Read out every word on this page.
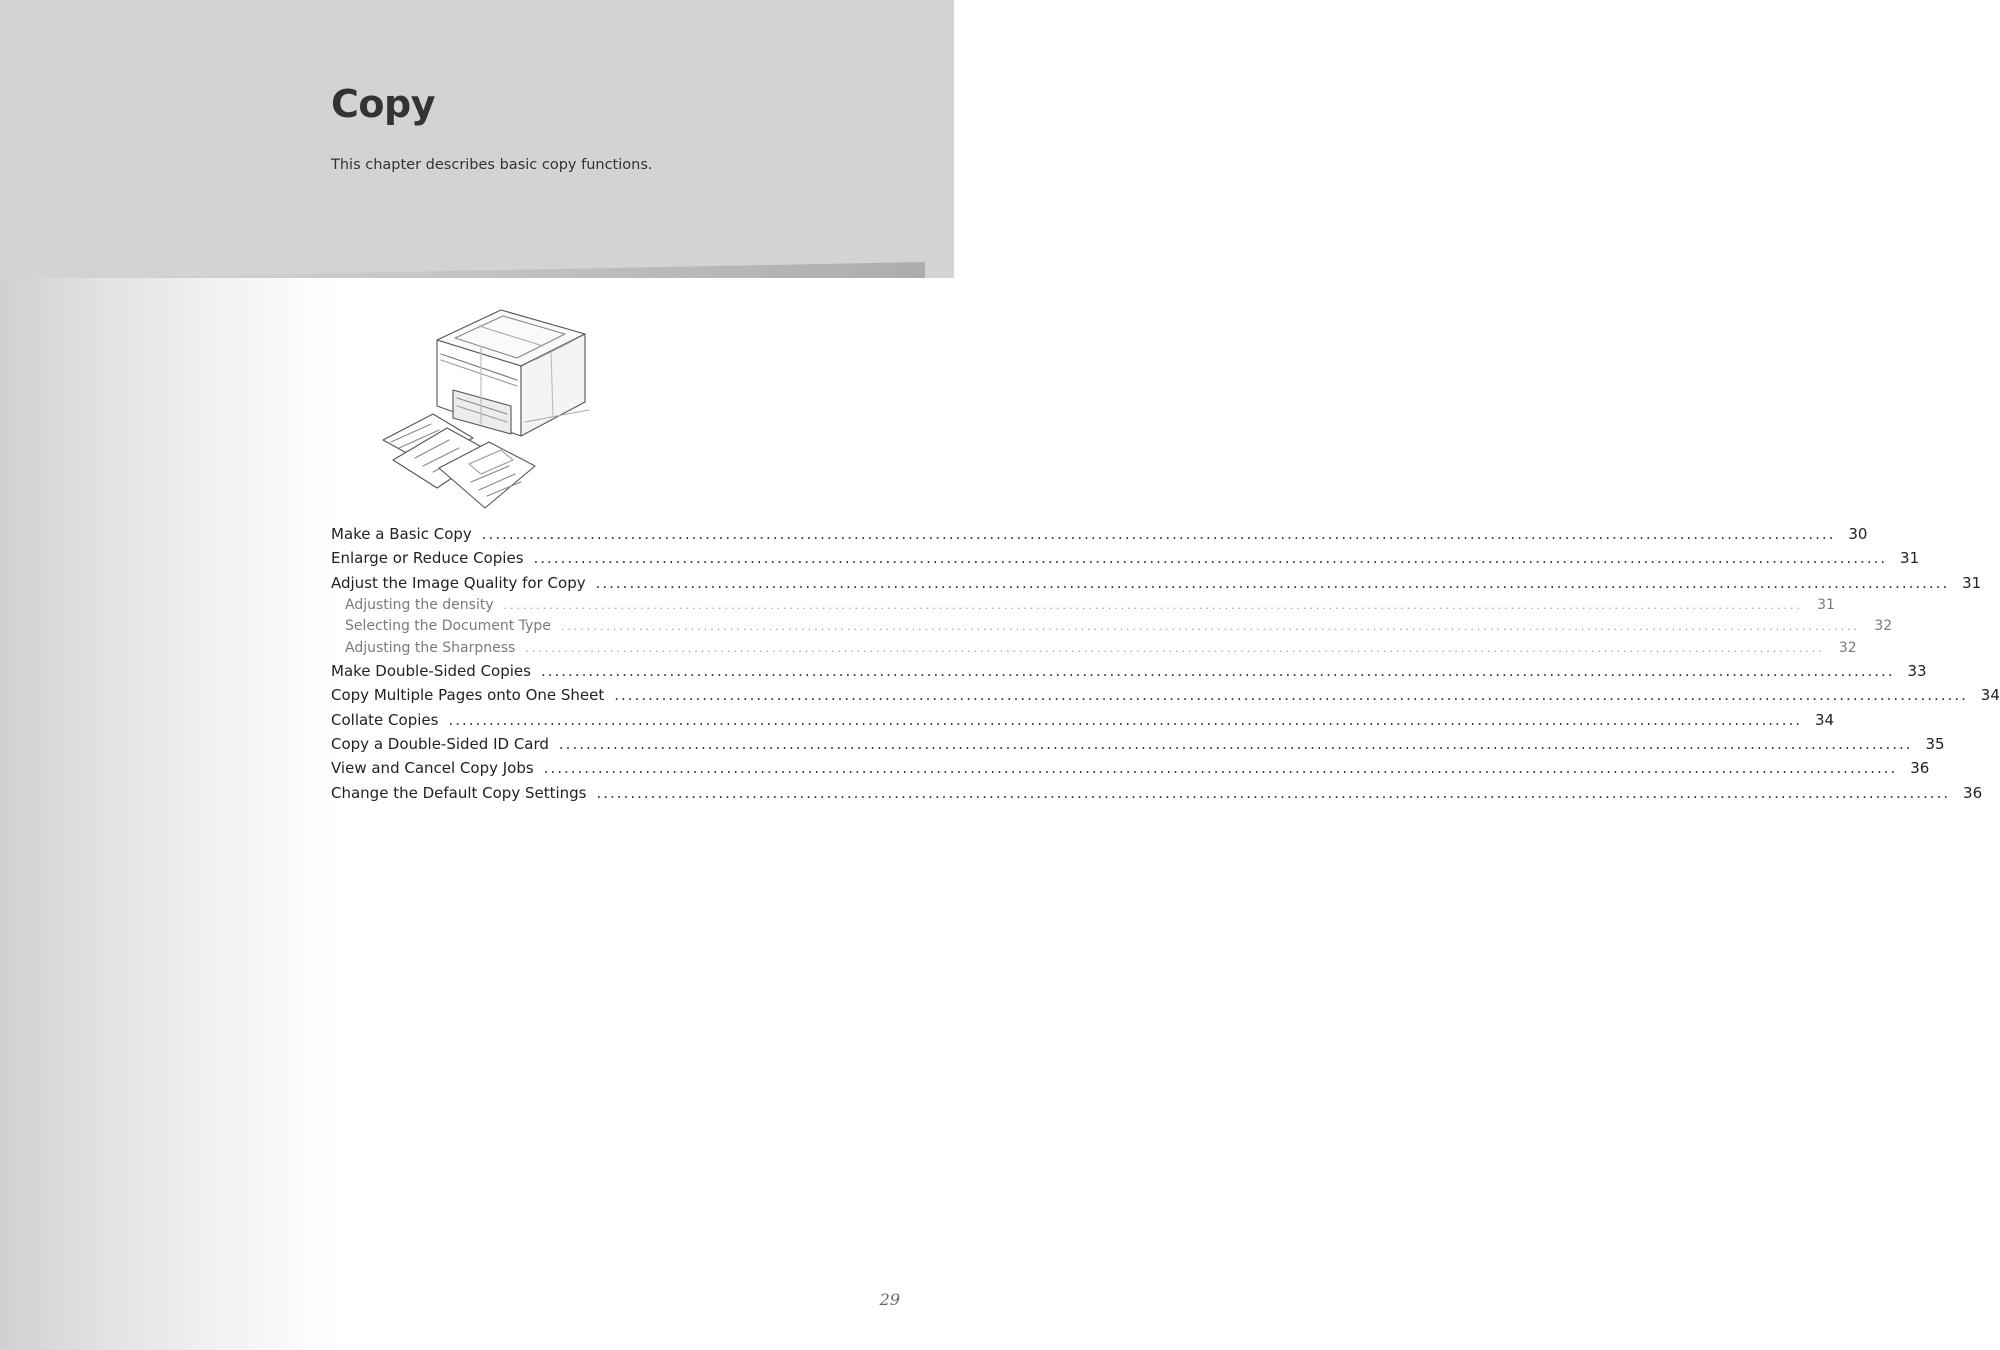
Copy

This chapter describes basic copy functions.

Make a Basic Copy ........................................................................................................................................................................................................ 30
Enlarge or Reduce Copies ........................................................................................................................................................................................................ 31
Adjust the Image Quality for Copy ........................................................................................................................................................................................................ 31
Adjusting the density ........................................................................................................................................................................................................	31
Selecting the Document Type ........................................................................................................................................................................................................	32
Adjusting the Sharpness ........................................................................................................................................................................................................	32
Make Double-Sided Copies ........................................................................................................................................................................................................ 33
Copy Multiple Pages onto One Sheet ........................................................................................................................................................................................................ 34
Collate Copies ........................................................................................................................................................................................................ 34
Copy a Double-Sided ID Card ........................................................................................................................................................................................................ 35
View and Cancel Copy Jobs ........................................................................................................................................................................................................ 36
Change the Default Copy Settings ........................................................................................................................................................................................................ 36
29
